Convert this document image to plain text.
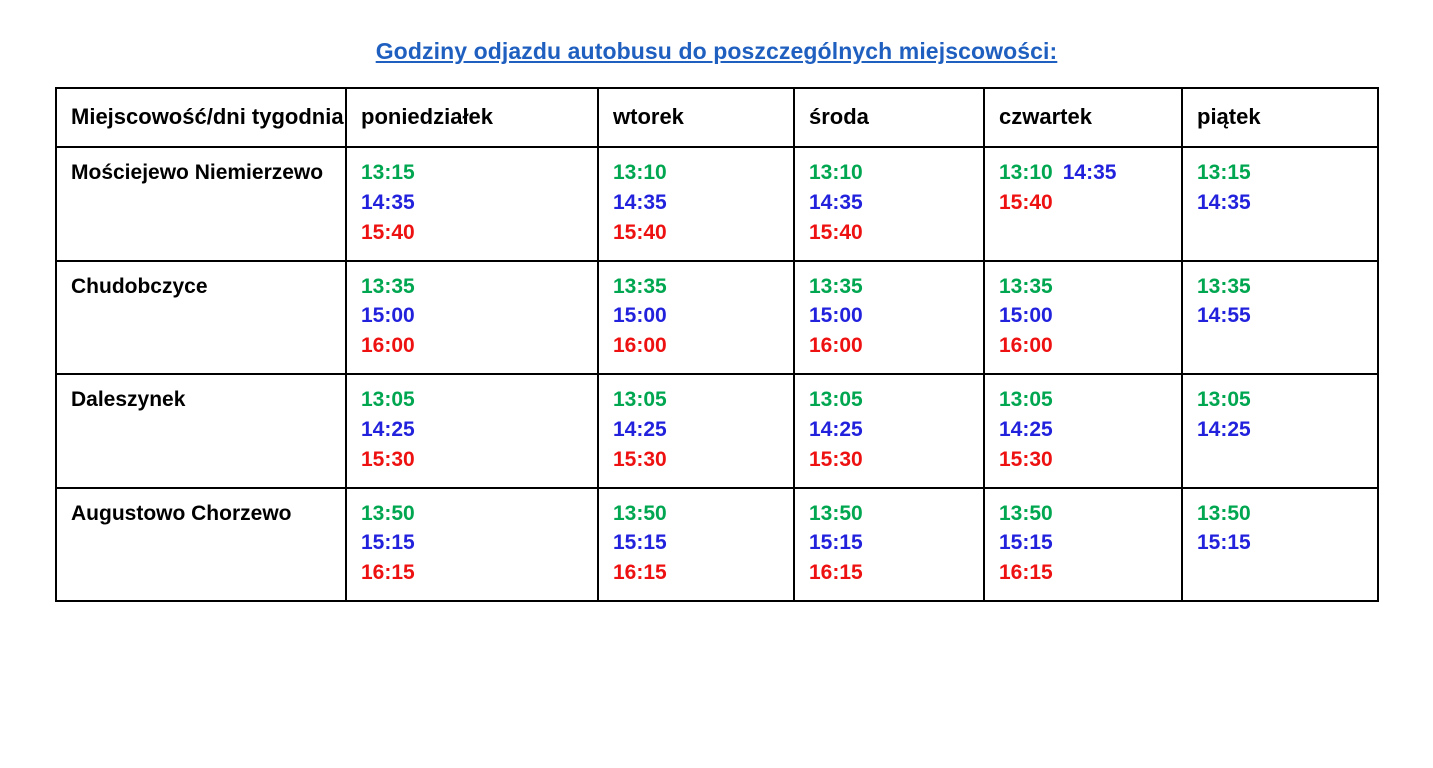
Godziny odjazdu autobusu do poszczególnych miejscowości:
Miejscowość/dni tygodnia	poniedziałek	wtorek	środa	czwartek	piątek
Mościejewo Niemierzewo	13:15
14:35
15:40	13:10
14:35
15:40	13:10
14:35
15:40	13:10 14:35
15:40	13:15
14:35

Chudobczyce	13:35
15:00
16:00	13:35
15:00
16:00	13:35
15:00
16:00	13:35
15:00
16:00	13:35
14:55

Daleszynek	13:05
14:25
15:30	13:05
14:25
15:30	13:05
14:25
15:30	13:05
14:25
15:30	13:05
14:25

Augustowo Chorzewo	13:50
15:15
16:15	13:50
15:15
16:15	13:50
15:15
16:15	13:50
15:15
16:15	13:50
15:15
